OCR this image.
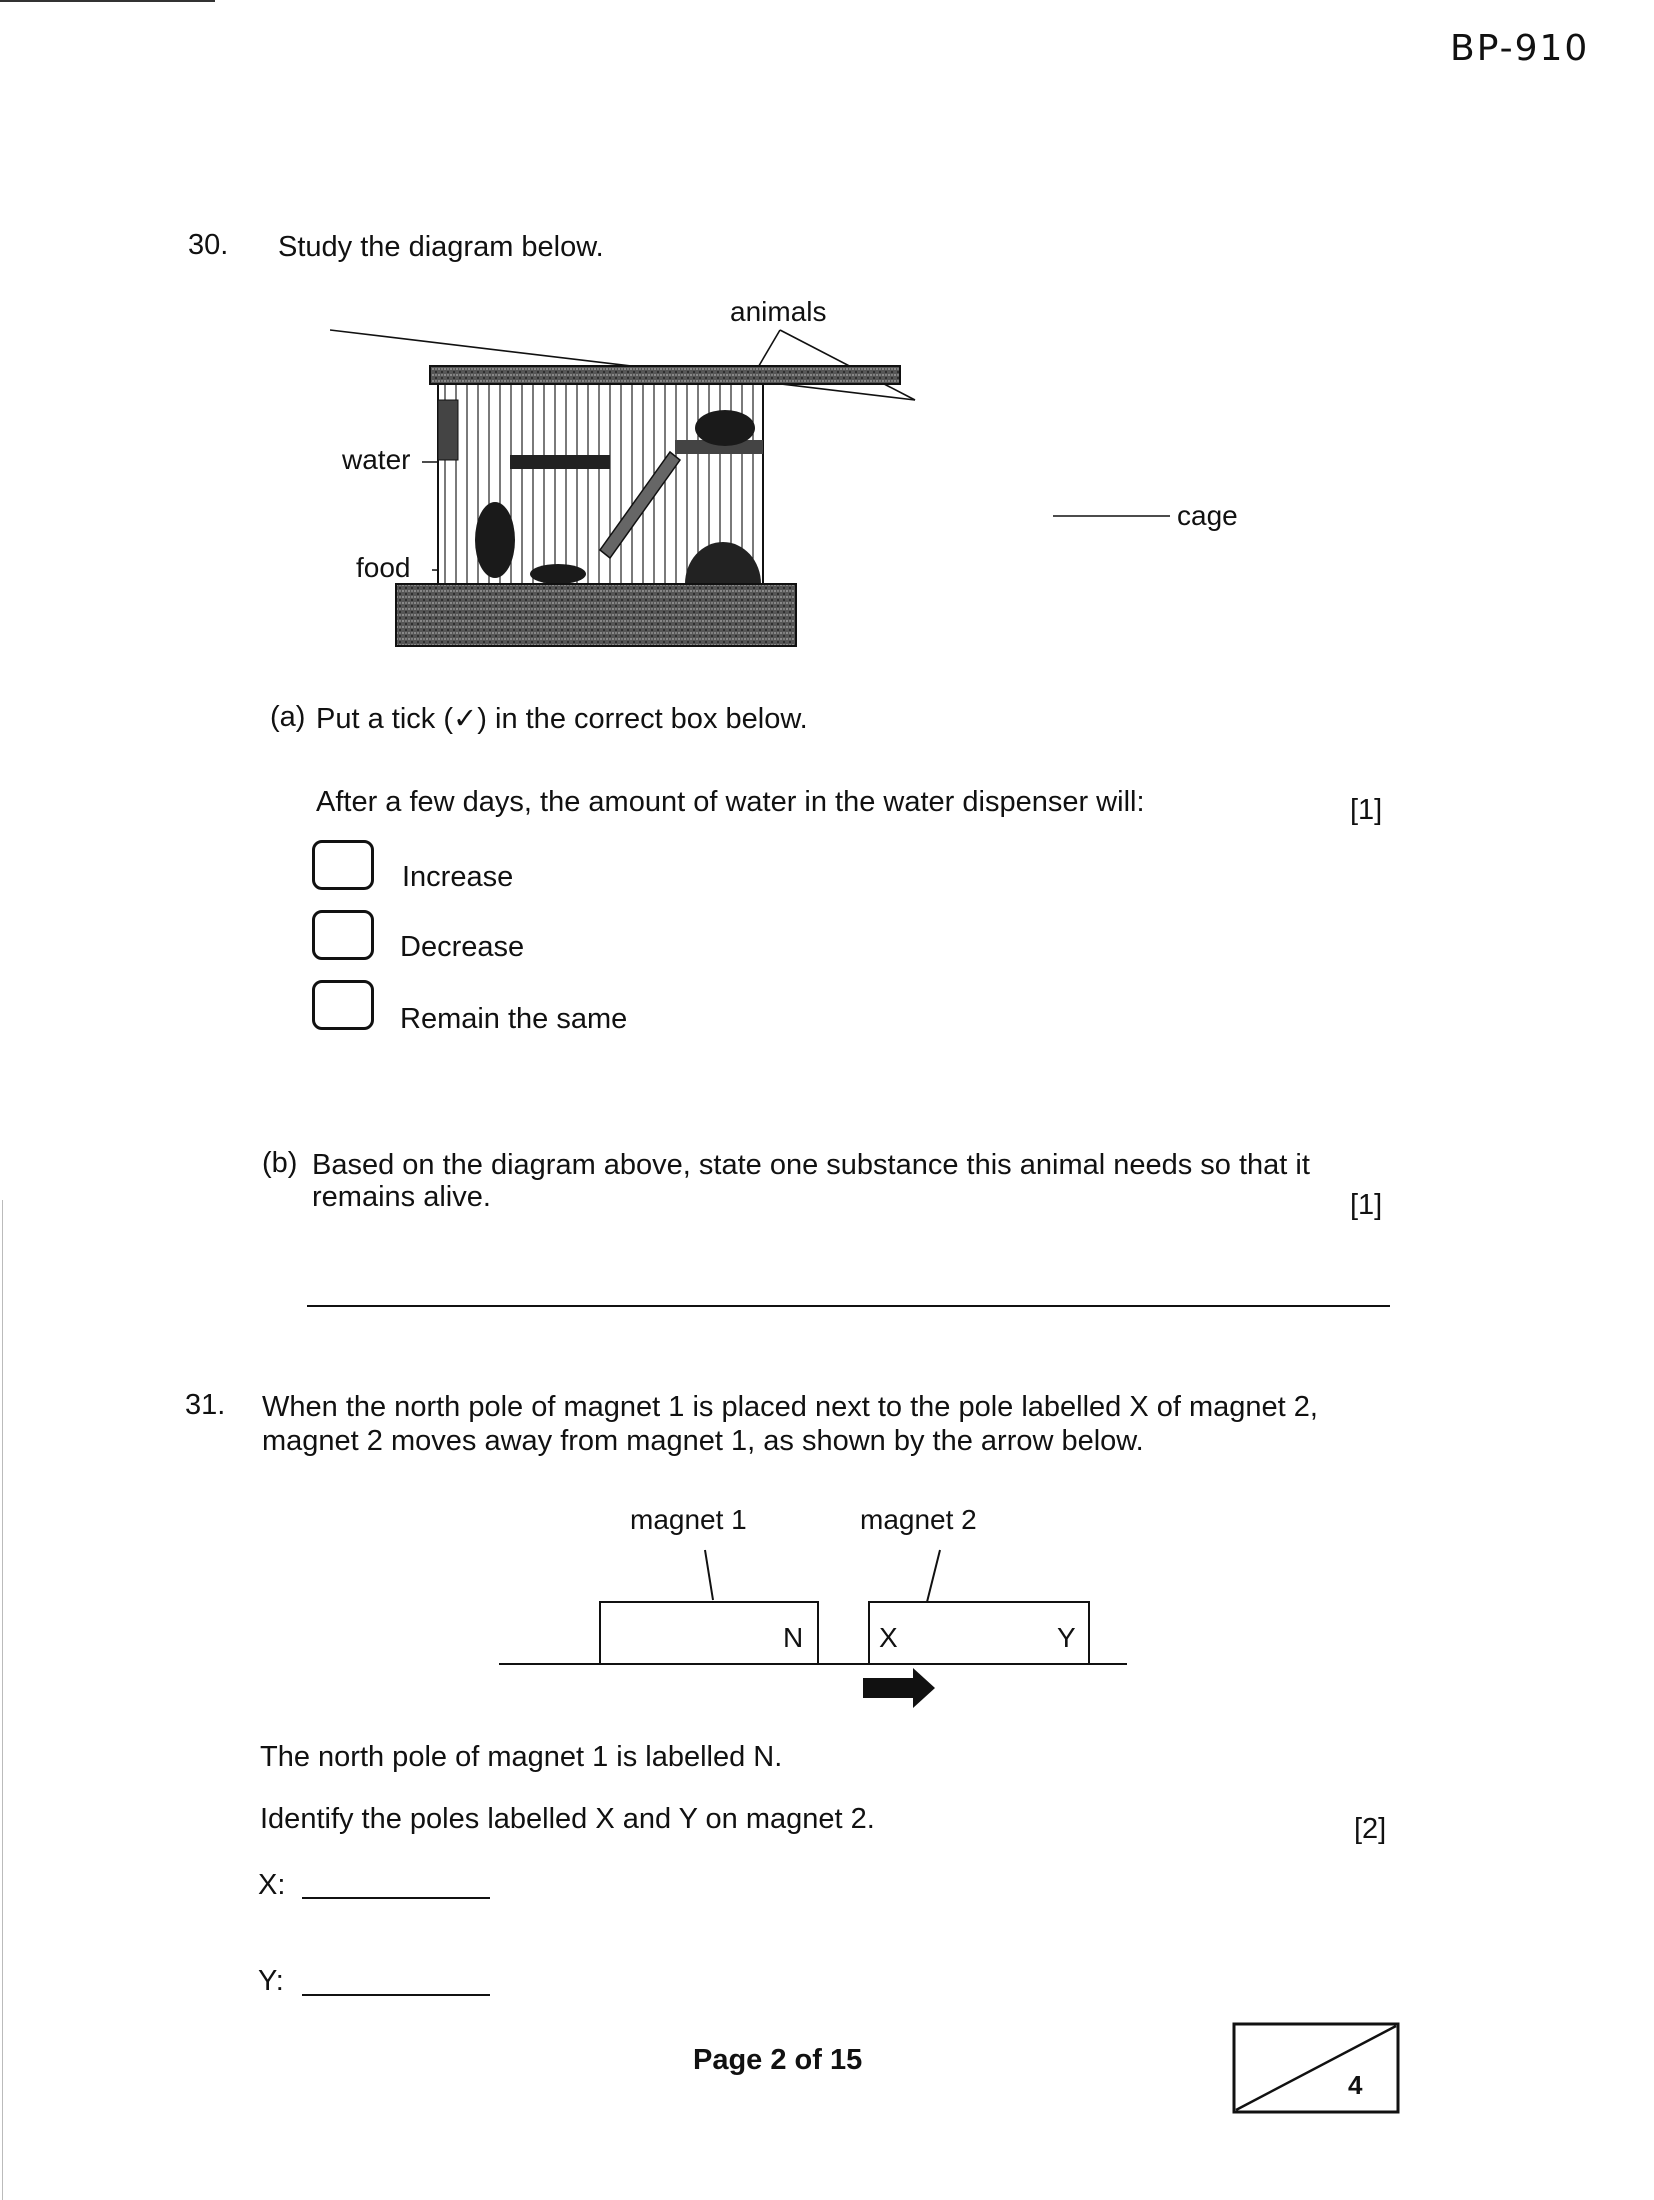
BP-910
30. Study the diagram below.
animals
water
food
cage
(a) Put a tick (✓) in the correct box below.
After a few days, the amount of water in the water dispenser will:	[1]
Increase
Decrease
Remain the same
(b) Based on the diagram above, state one substance this animal needs so that it
remains alive.	[1]
31. When the north pole of magnet 1 is placed next to the pole labelled X of magnet 2,
magnet 2 moves away from magnet 1, as shown by the arrow below.
magnet 1	magnet 2
N	X	Y
The north pole of magnet 1 is labelled N.
Identify the poles labelled X and Y on magnet 2.	[2]
X:
Y:
Page 2 of 15
4
